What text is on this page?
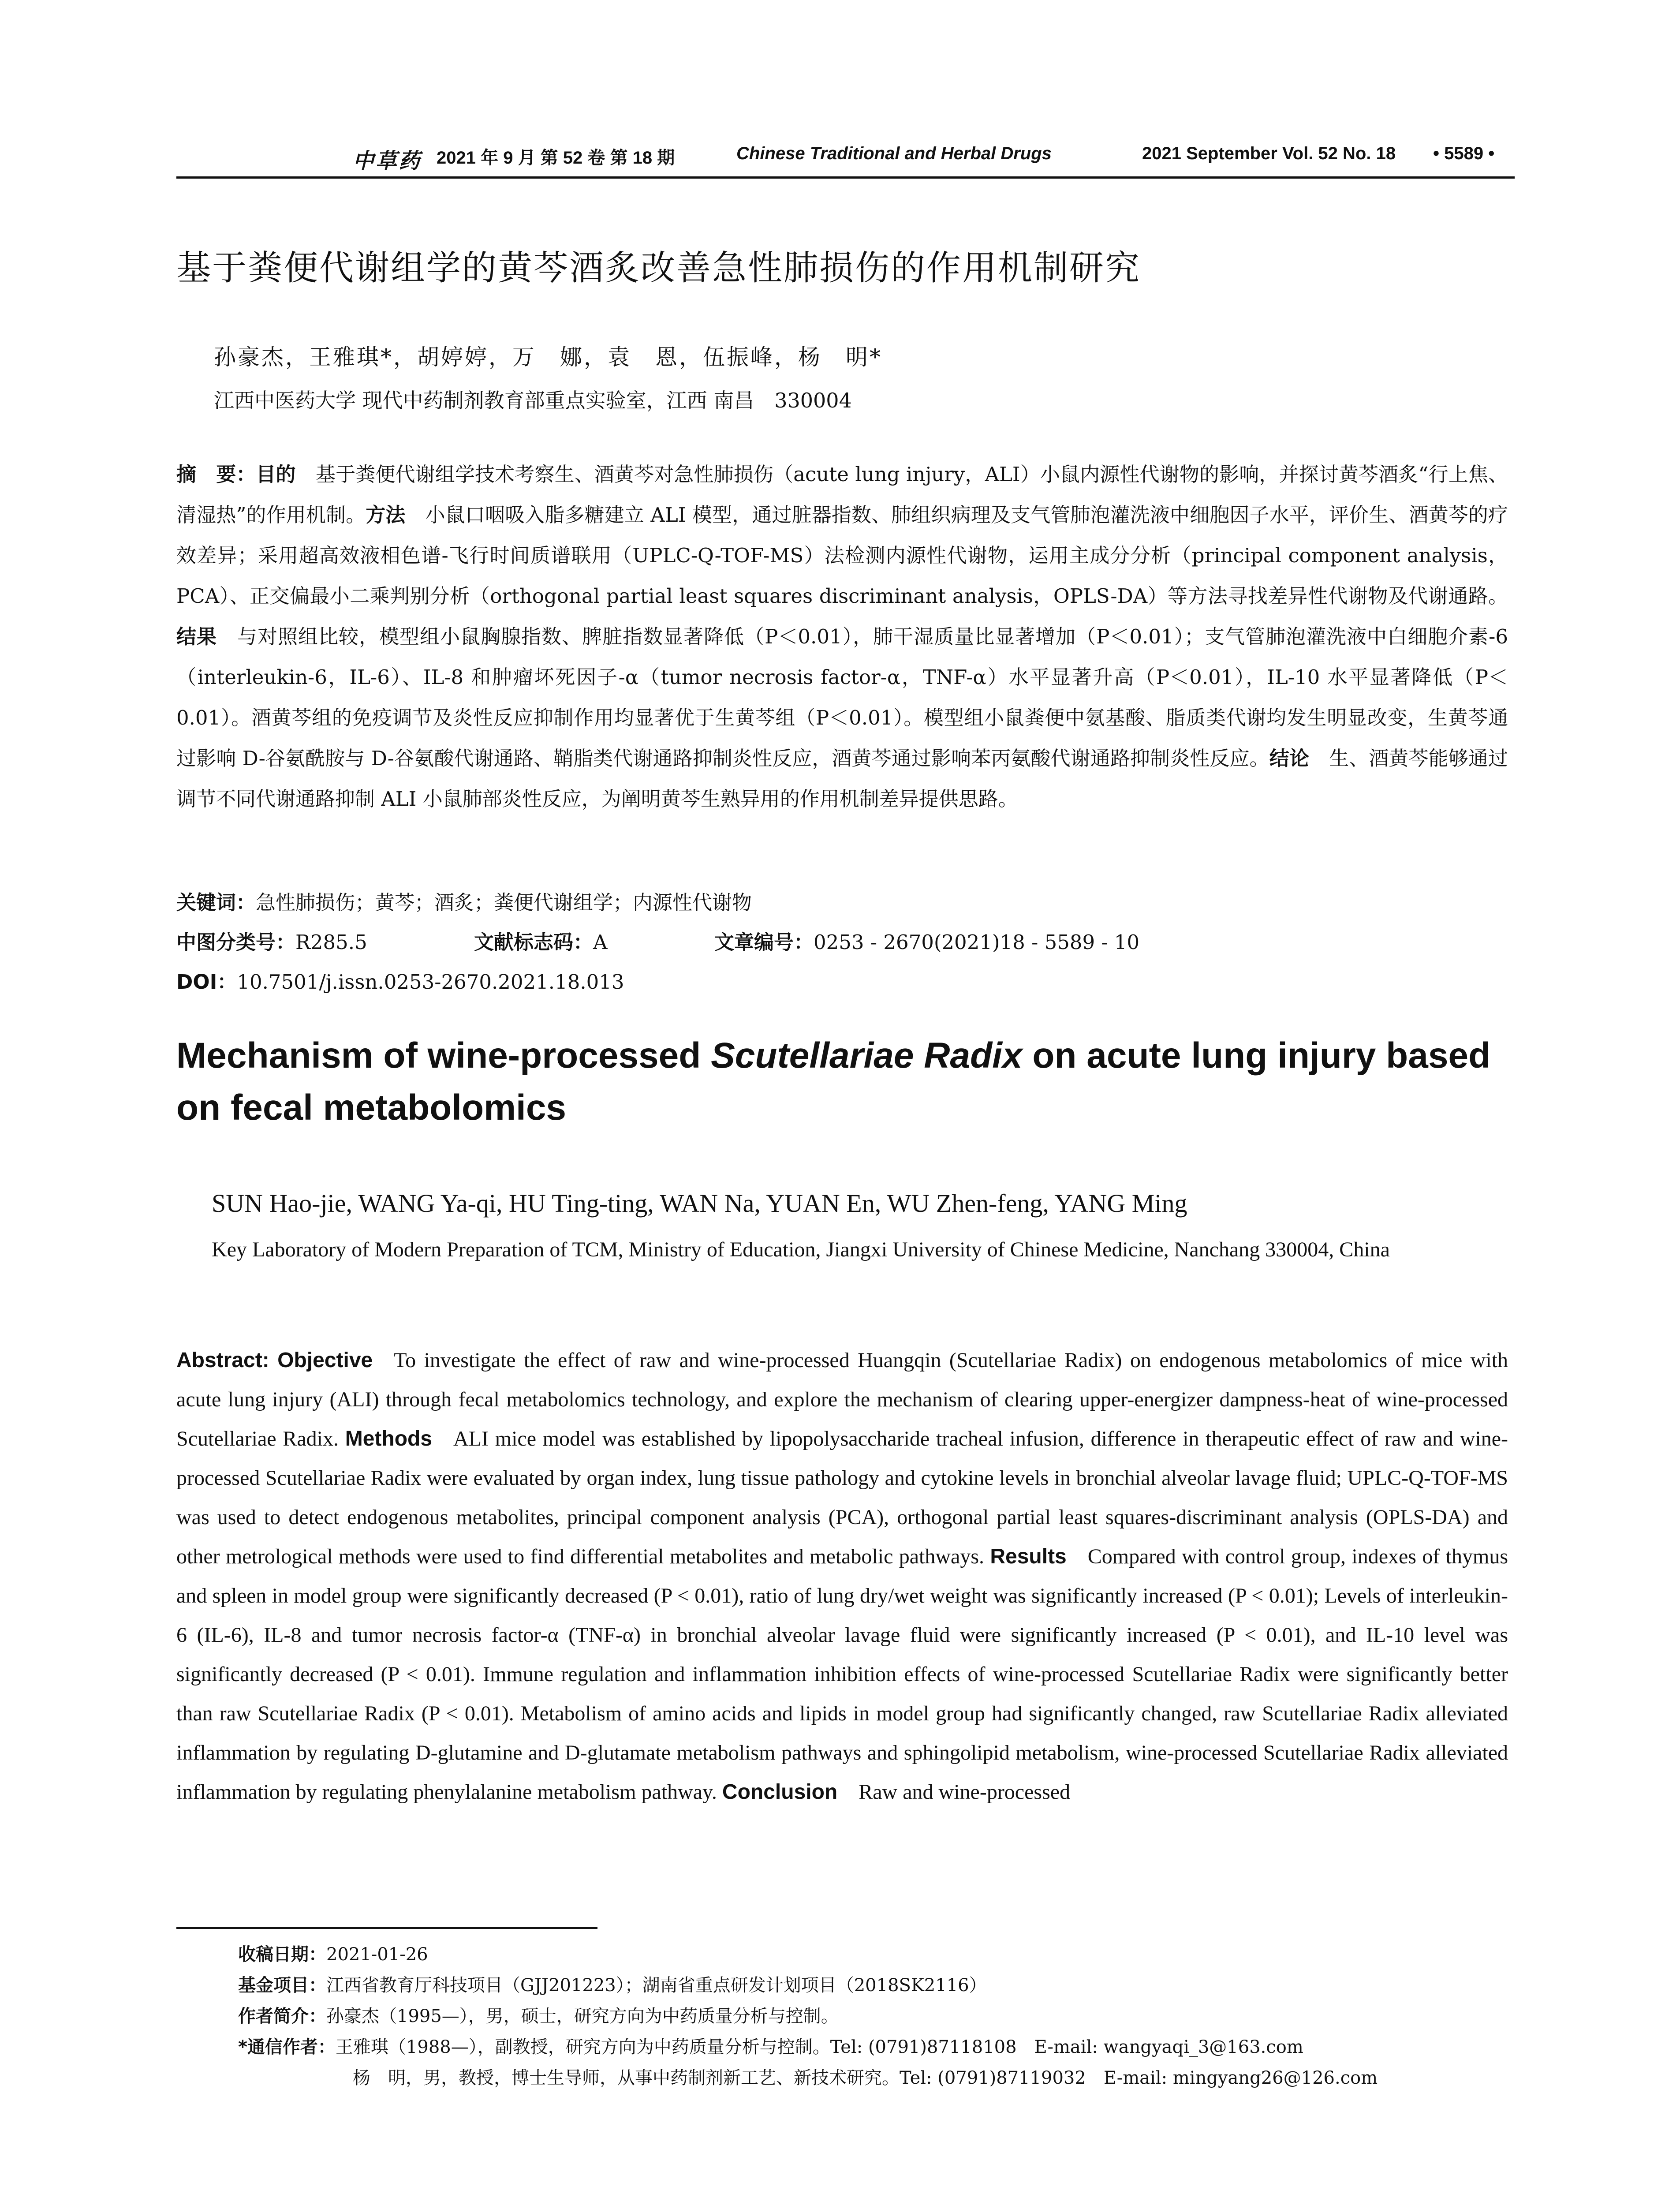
中草药 2021 年 9 月 第 52 卷 第 18 期	Chinese Traditional and Herbal Drugs	2021 September Vol. 52 No. 18 • 5589 •
基于粪便代谢组学的黄芩酒炙改善急性肺损伤的作用机制研究
孙豪杰，王雅琪*，胡婷婷，万　娜，袁　恩，伍振峰，杨　明*
江西中医药大学 现代中药制剂教育部重点实验室，江西 南昌　330004
摘　要：目的　 基于粪便代谢组学技术考察生、酒黄芩对急性肺损伤（acute lung injury，ALI）小鼠内源性代谢物的影响，并探讨黄芩酒炙“行上焦、清湿热”的作用机制。方法　 小鼠口咽吸入脂多糖建立 ALI 模型，通过脏器指数、肺组织病理及支气管肺泡灌洗液中细胞因子水平，评价生、酒黄芩的疗效差异；采用超高效液相色谱-飞行时间质谱联用（UPLC-Q-TOF-MS）法检测内源性代谢物，运用主成分分析（principal component analysis，PCA）、正交偏最小二乘判别分析（orthogonal partial least squares discriminant analysis，OPLS-DA）等方法寻找差异性代谢物及代谢通路。结果　 与对照组比较，模型组小鼠胸腺指数、脾脏指数显著降低（P＜0.01），肺干湿质量比显著增加（P＜0.01）；支气管肺泡灌洗液中白细胞介素-6（interleukin-6，IL-6）、IL-8 和肿瘤坏死因子-α（tumor necrosis factor-α，TNF-α）水平显著升高（P＜0.01），IL-10 水平显著降低（P＜0.01）。酒黄芩组的免疫调节及炎性反应抑制作用均显著优于生黄芩组（P＜0.01）。模型组小鼠粪便中氨基酸、脂质类代谢均发生明显改变，生黄芩通过影响 D-谷氨酰胺与 D-谷氨酸代谢通路、鞘脂类代谢通路抑制炎性反应，酒黄芩通过影响苯丙氨酸代谢通路抑制炎性反应。结论　 生、酒黄芩能够通过调节不同代谢通路抑制 ALI 小鼠肺部炎性反应，为阐明黄芩生熟异用的作用机制差异提供思路。
关键词：急性肺损伤；黄芩；酒炙；粪便代谢组学；内源性代谢物
中图分类号：R285.5	文献标志码：A	文章编号：0253 - 2670(2021)18 - 5589 - 10
DOI：10.7501/j.issn.0253-2670.2021.18.013
Mechanism of wine-processed Scutellariae Radix on acute lung injury based on fecal metabolomics
SUN Hao-jie, WANG Ya-qi, HU Ting-ting, WAN Na, YUAN En, WU Zhen-feng, YANG Ming
Key Laboratory of Modern Preparation of TCM, Ministry of Education, Jiangxi University of Chinese Medicine, Nanchang 330004, China
Abstract: Objective  To investigate the effect of raw and wine-processed Huangqin (Scutellariae Radix) on endogenous metabolomics of mice with acute lung injury (ALI) through fecal metabolomics technology, and explore the mechanism of clearing upper-energizer dampness-heat of wine-processed Scutellariae Radix. Methods  ALI mice model was established by lipopolysaccharide tracheal infusion, difference in therapeutic effect of raw and wine-processed Scutellariae Radix were evaluated by organ index, lung tissue pathology and cytokine levels in bronchial alveolar lavage fluid; UPLC-Q-TOF-MS was used to detect endogenous metabolites, principal component analysis (PCA), orthogonal partial least squares-discriminant analysis (OPLS-DA) and other metrological methods were used to find differential metabolites and metabolic pathways. Results  Compared with control group, indexes of thymus and spleen in model group were significantly decreased (P < 0.01), ratio of lung dry/wet weight was significantly increased (P < 0.01); Levels of interleukin-6 (IL-6), IL-8 and tumor necrosis factor-α (TNF-α) in bronchial alveolar lavage fluid were significantly increased (P < 0.01), and IL-10 level was significantly decreased (P < 0.01). Immune regulation and inflammation inhibition effects of wine-processed Scutellariae Radix were significantly better than raw Scutellariae Radix (P < 0.01). Metabolism of amino acids and lipids in model group had significantly changed, raw Scutellariae Radix alleviated inflammation by regulating D-glutamine and D-glutamate metabolism pathways and sphingolipid metabolism, wine-processed Scutellariae Radix alleviated inflammation by regulating phenylalanine metabolism pathway. Conclusion  Raw and wine-processed
收稿日期：2021-01-26
基金项目：江西省教育厅科技项目（GJJ201223）；湖南省重点研发计划项目（2018SK2116）
作者简介：孙豪杰（1995—），男，硕士，研究方向为中药质量分析与控制。
*通信作者：王雅琪（1988—），副教授，研究方向为中药质量分析与控制。Tel: (0791)87118108　E-mail: wangyaqi_3@163.com
杨　明，男，教授，博士生导师，从事中药制剂新工艺、新技术研究。Tel: (0791)87119032　E-mail: mingyang26@126.com
